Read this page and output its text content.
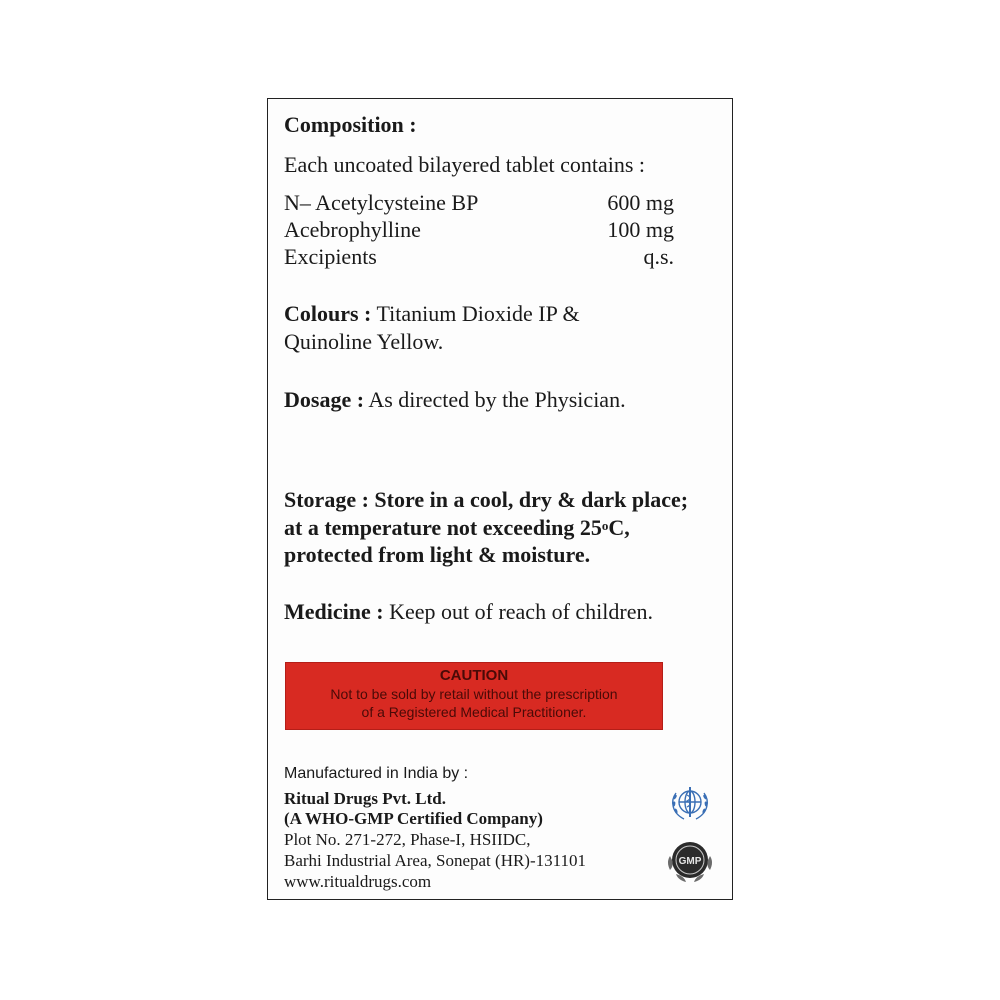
Composition :
Each uncoated bilayered tablet contains :
N– Acetylcysteine BP	600 mg
Acebrophylline	100 mg
Excipients	q.s.
Colours : Titanium Dioxide IP &
Quinoline Yellow.
Dosage : As directed by the Physician.
Storage : Store in a cool, dry & dark place;
at a temperature not exceeding 25$^o$C,
protected from light & moisture.
Medicine : Keep out of reach of children.
CAUTION
Not to be sold by retail without the prescription
of a Registered Medical Practitioner.
Manufactured in India by :
Ritual Drugs Pvt. Ltd.
(A WHO-GMP Certified Company)
Plot No. 271-272, Phase-I, HSIIDC,
Barhi Industrial Area, Sonepat (HR)-131101
www.ritualdrugs.com
GMP
